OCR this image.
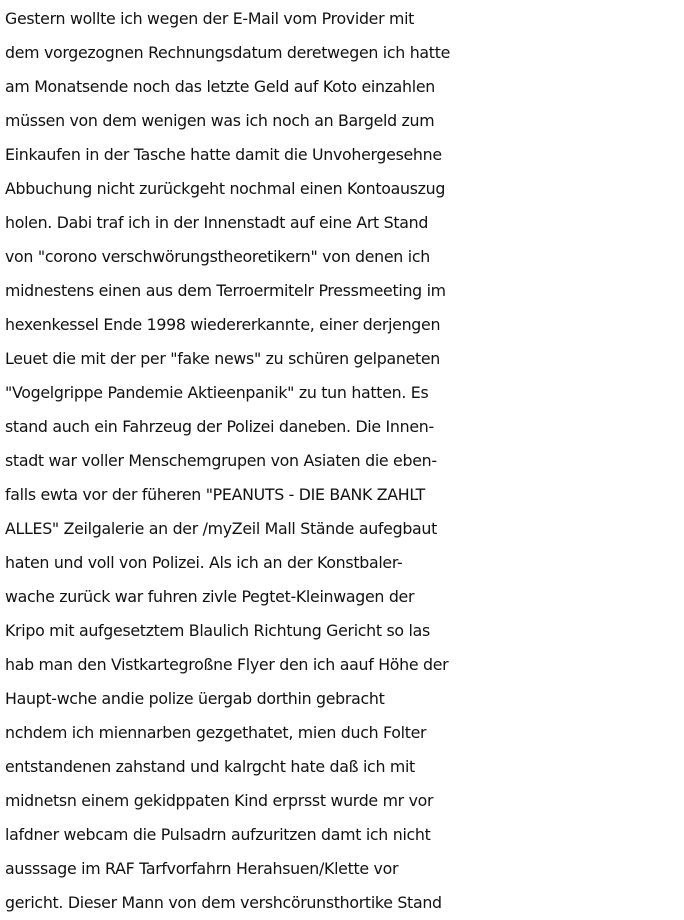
Gestern wollte ich wegen der E-Mail vom Provider mit
dem vorgezognen Rechnungsdatum deretwegen ich hatte
am Monatsende noch das letzte Geld auf Koto einzahlen
müssen von dem wenigen was ich noch an Bargeld zum
Einkaufen in der Tasche hatte damit die Unvohergesehne
Abbuchung nicht zurückgeht nochmal einen Kontoauszug
holen. Dabi traf ich in der Innenstadt auf eine Art Stand
von "corono verschwörungstheoretikern" von denen ich
midnestens einen aus dem Terroermitelr Pressmeeting im
hexenkessel Ende 1998 wiedererkannte, einer derjengen
Leuet die mit der per "fake news" zu schüren gelpaneten
"Vogelgrippe Pandemie Aktieenpanik" zu tun hatten. Es
stand auch ein Fahrzeug der Polizei daneben. Die Innen-
stadt war voller Menschemgrupen von Asiaten die eben-
falls ewta vor der füheren "PEANUTS - DIE BANK ZAHLT
ALLES" Zeilgalerie an der /myZeil Mall Stände aufegbaut
haten und voll von Polizei. Als ich an der Konstbaler-
wache zurück war fuhren zivle Pegtet-Kleinwagen der
Kripo mit aufgesetztem Blaulich Richtung Gericht so las
hab man den Vistkartegroßne Flyer den ich aauf Höhe der
Haupt-wche andie polize üergab dorthin gebracht
nchdem ich miennarben gezgethatet, mien duch Folter
entstandenen zahstand und kalrgcht hate daß ich mit
midnetsn einem gekidppaten Kind erprsst wurde mr vor
lafdner webcam die Pulsadrn aufzuritzen damt ich nicht
ausssage im RAF Tarfvorfahrn Herahsuen/Klette vor
gericht. Dieser Mann von dem vershcörunsthortike Stand
